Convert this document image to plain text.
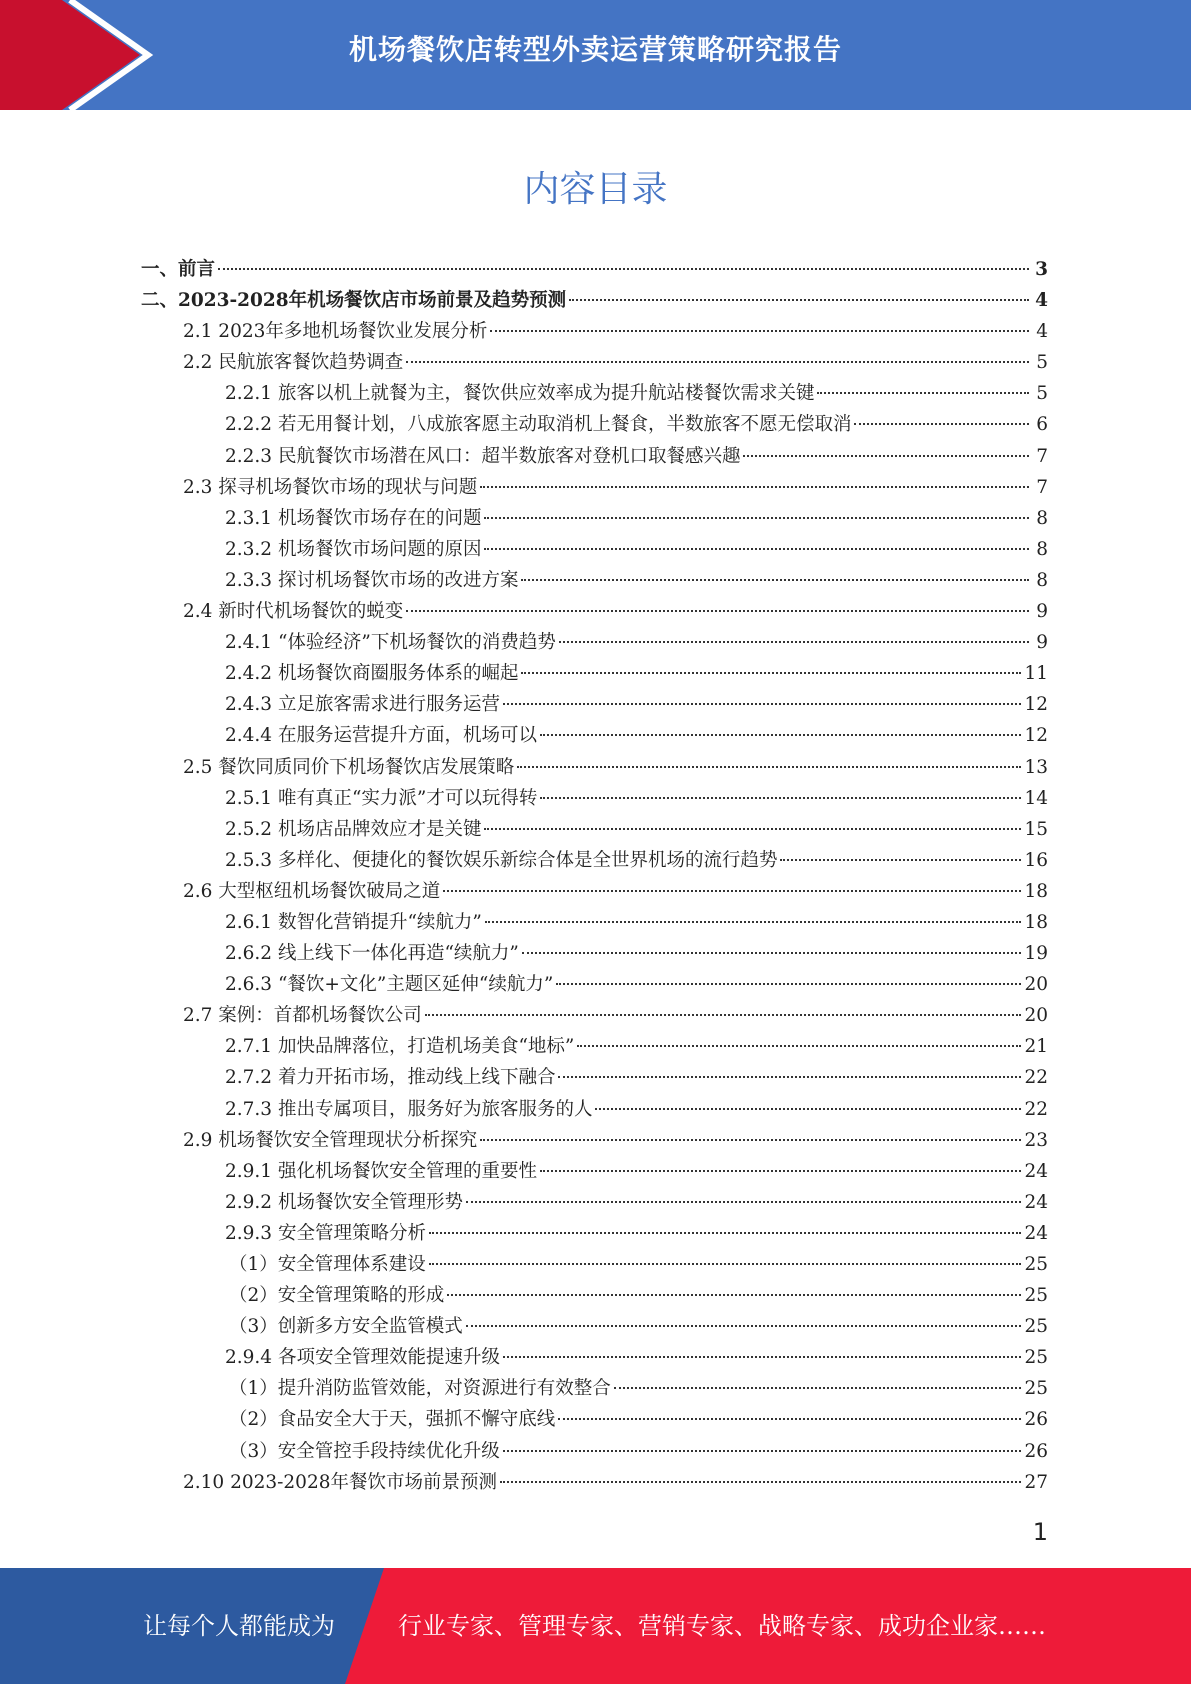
机场餐饮店转型外卖运营策略研究报告
内容目录
一、前言	3
二、2023-2028年机场餐饮店市场前景及趋势预测	4
2.1 2023年多地机场餐饮业发展分析	4
2.2 民航旅客餐饮趋势调查	5
2.2.1 旅客以机上就餐为主，餐饮供应效率成为提升航站楼餐饮需求关键	5
2.2.2 若无用餐计划，八成旅客愿主动取消机上餐食，半数旅客不愿无偿取消	6
2.2.3 民航餐饮市场潜在风口：超半数旅客对登机口取餐感兴趣	7
2.3 探寻机场餐饮市场的现状与问题	7
2.3.1 机场餐饮市场存在的问题	8
2.3.2 机场餐饮市场问题的原因	8
2.3.3 探讨机场餐饮市场的改进方案	8
2.4 新时代机场餐饮的蜕变	9
2.4.1 “体验经济”下机场餐饮的消费趋势	9
2.4.2 机场餐饮商圈服务体系的崛起	11
2.4.3 立足旅客需求进行服务运营	12
2.4.4 在服务运营提升方面，机场可以	12
2.5 餐饮同质同价下机场餐饮店发展策略	13
2.5.1 唯有真正“实力派”才可以玩得转	14
2.5.2 机场店品牌效应才是关键	15
2.5.3 多样化、便捷化的餐饮娱乐新综合体是全世界机场的流行趋势	16
2.6 大型枢纽机场餐饮破局之道	18
2.6.1 数智化营销提升“续航力”	18
2.6.2 线上线下一体化再造“续航力”	19
2.6.3 “餐饮+文化”主题区延伸“续航力”	20
2.7 案例：首都机场餐饮公司	20
2.7.1 加快品牌落位，打造机场美食“地标”	21
2.7.2 着力开拓市场，推动线上线下融合	22
2.7.3 推出专属项目，服务好为旅客服务的人	22
2.9 机场餐饮安全管理现状分析探究	23
2.9.1 强化机场餐饮安全管理的重要性	24
2.9.2 机场餐饮安全管理形势	24
2.9.3 安全管理策略分析	24
（1）安全管理体系建设	25
（2）安全管理策略的形成	25
（3）创新多方安全监管模式	25
2.9.4 各项安全管理效能提速升级	25
（1）提升消防监管效能，对资源进行有效整合	25
（2）食品安全大于天，强抓不懈守底线	26
（3）安全管控手段持续优化升级	26
2.10 2023-2028年餐饮市场前景预测	27
1
让每个人都能成为	行业专家、管理专家、营销专家、战略专家、成功企业家……
